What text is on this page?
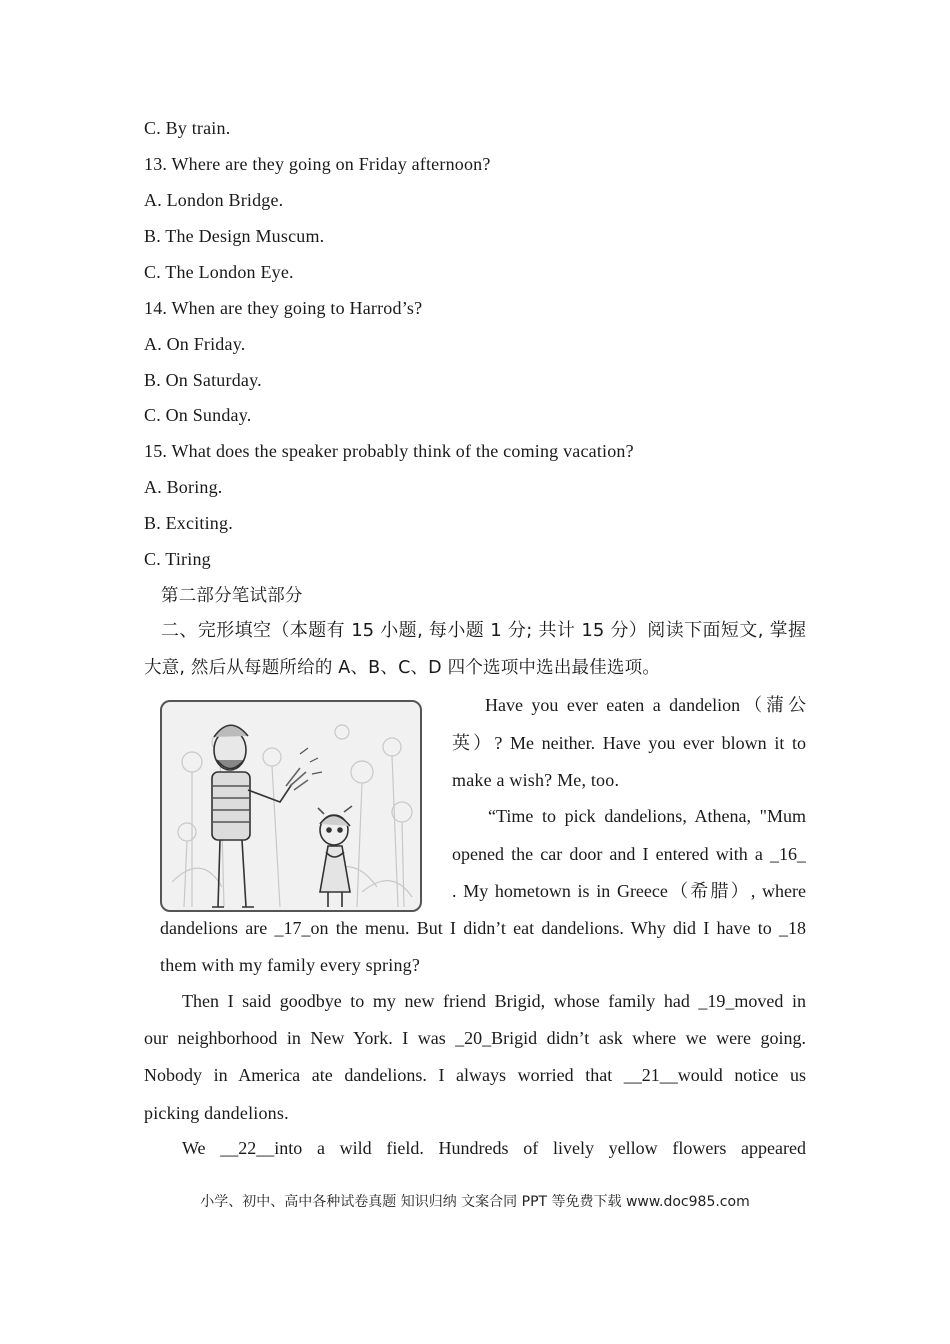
C. By train.
13. Where are they going on Friday afternoon?
A. London Bridge.
B. The Design Muscum.
C. The London Eye.
14. When are they going to Harrod’s?
A. On Friday.
B. On Saturday.
C. On Sunday.
15. What does the speaker probably think of the coming vacation?
A. Boring.
B. Exciting.
C. Tiring
第二部分笔试部分
二、完形填空（本题有 15 小题, 每小题 1 分; 共计 15 分）阅读下面短文, 掌握
大意, 然后从每题所给的 A、B、C、D 四个选项中选出最佳选项。
Have you ever eaten a dandelion（蒲公
英）? Me neither. Have you ever blown it to
make a wish? Me, too.
“Time to pick dandelions, Athena, "Mum
opened the car door and I entered with a _16_
. My hometown is in Greece（希腊）, where
dandelions are _17_on the menu. But I didn’t eat dandelions. Why did I have to _18
them with my family every spring?
Then I said goodbye to my new friend Brigid, whose family had _19_moved in
our neighborhood in New York. I was _20_Brigid didn’t ask where we were going.
Nobody in America ate dandelions. I always worried that __21__would notice us
picking dandelions.
We __22__into a wild field. Hundreds of lively yellow flowers appeared
小学、初中、高中各种试卷真题 知识归纳 文案合同 PPT 等免费下载 www.doc985.com
